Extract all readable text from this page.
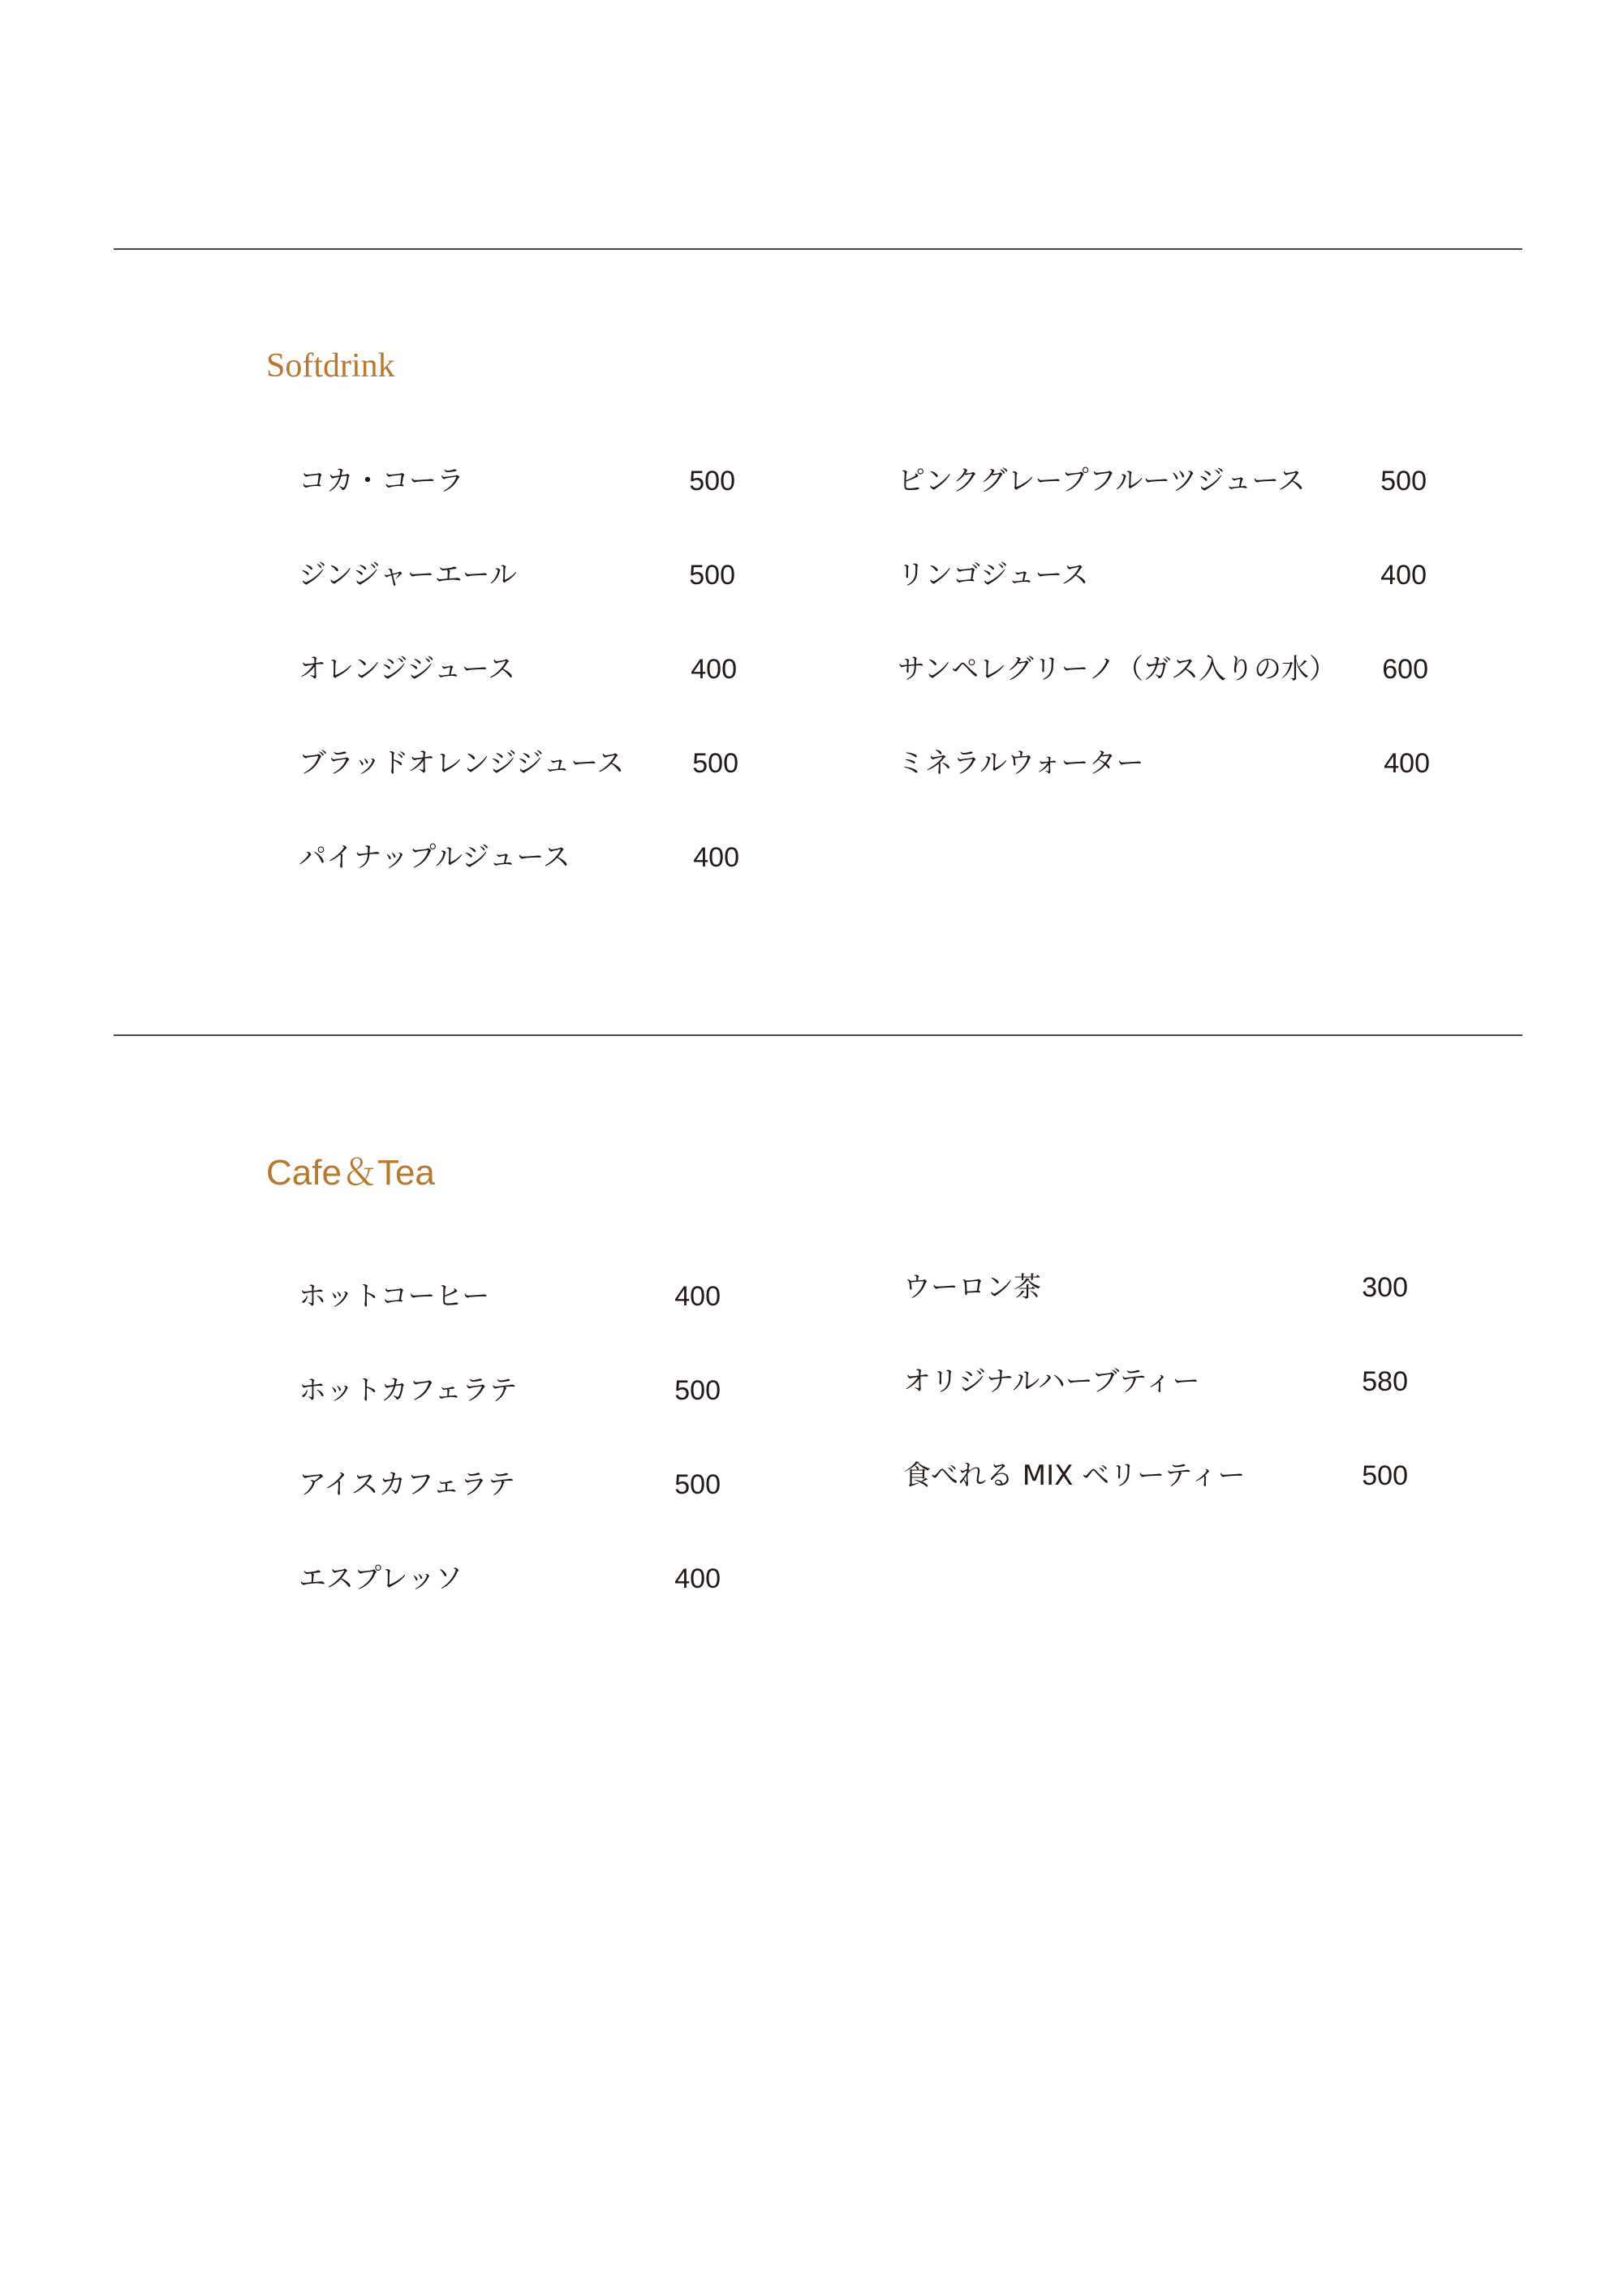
Softdrink
コカ・コーラ	500
ジンジャーエール	500
オレンジジュース	400
ブラッドオレンジジュース 500
パイナップルジュース	400
ピンクグレープフルーツジュース	500
リンゴジュース	400
サンペレグリーノ（ガス入りの水） 600
ミネラルウォーター	400
Cafe＆Tea
ホットコーヒー	400
ホットカフェラテ	500
アイスカフェラテ	500
エスプレッソ	400
ウーロン茶	300
オリジナルハーブティー	580
食べれる MIX ベリーティー	500
